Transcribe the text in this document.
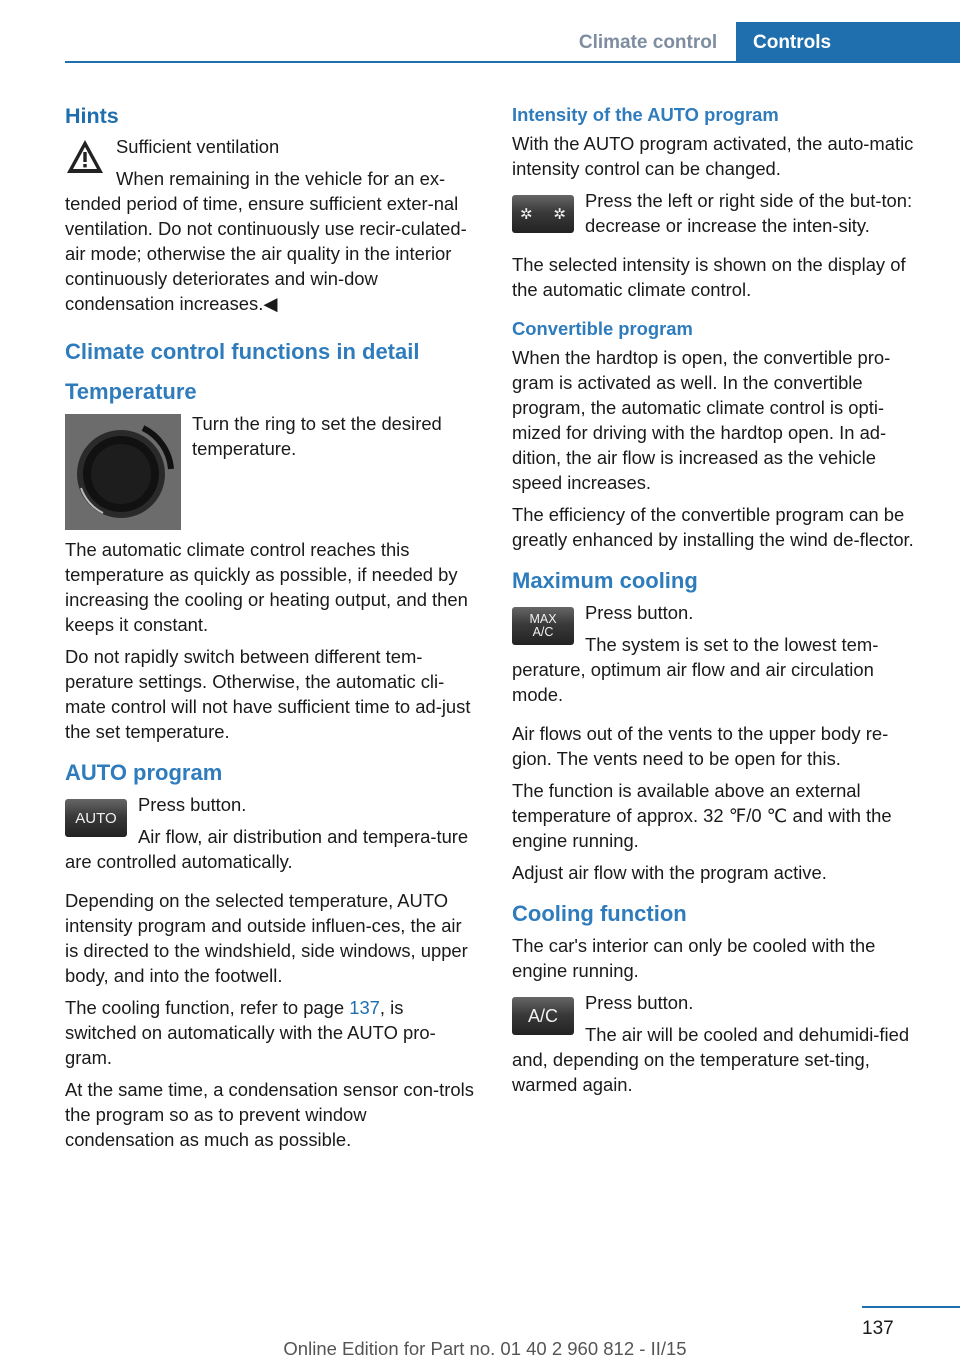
Climate control	Controls
Hints

Sufficient ventilation

When remaining in the vehicle for an ex-tended period of time, ensure sufficient exter-nal ventilation. Do not continuously use recir-culated-air mode; otherwise the air quality in the interior continuously deteriorates and win-dow condensation increases.◀

Climate control functions in detail
Temperature

Turn the ring to set the desired temperature.

The automatic climate control reaches this temperature as quickly as possible, if needed by increasing the cooling or heating output, and then keeps it constant.

Do not rapidly switch between different tem-perature settings. Otherwise, the automatic cli-mate control will not have sufficient time to ad-just the set temperature.

AUTO program
AUTO

Press button.

Air flow, air distribution and tempera-ture are controlled automatically.

Depending on the selected temperature, AUTO intensity program and outside influen-ces, the air is directed to the windshield, side windows, upper body, and into the footwell.

The cooling function, refer to page 137, is switched on automatically with the AUTO pro-gram.

At the same time, a condensation sensor con-trols the program so as to prevent window condensation as much as possible.

Intensity of the AUTO program

With the AUTO program activated, the auto-matic intensity control can be changed.

✲ ✲

Press the left or right side of the but-ton: decrease or increase the inten-sity.

The selected intensity is shown on the display of the automatic climate control.

Convertible program

When the hardtop is open, the convertible pro-gram is activated as well. In the convertible program, the automatic climate control is opti-mized for driving with the hardtop open. In ad-dition, the air flow is increased as the vehicle speed increases.

The efficiency of the convertible program can be greatly enhanced by installing the wind de-flector.

Maximum cooling
MAX
A/C

Press button.

The system is set to the lowest tem-perature, optimum air flow and air circulation mode.

Air flows out of the vents to the upper body re-gion. The vents need to be open for this.

The function is available above an external temperature of approx. 32 ℉/0 ℃ and with the engine running.

Adjust air flow with the program active.

Cooling function

The car's interior can only be cooled with the engine running.

A/C

Press button.

The air will be cooled and dehumidi-fied and, depending on the temperature set-ting, warmed again.

137
Online Edition for Part no. 01 40 2 960 812 - II/15
